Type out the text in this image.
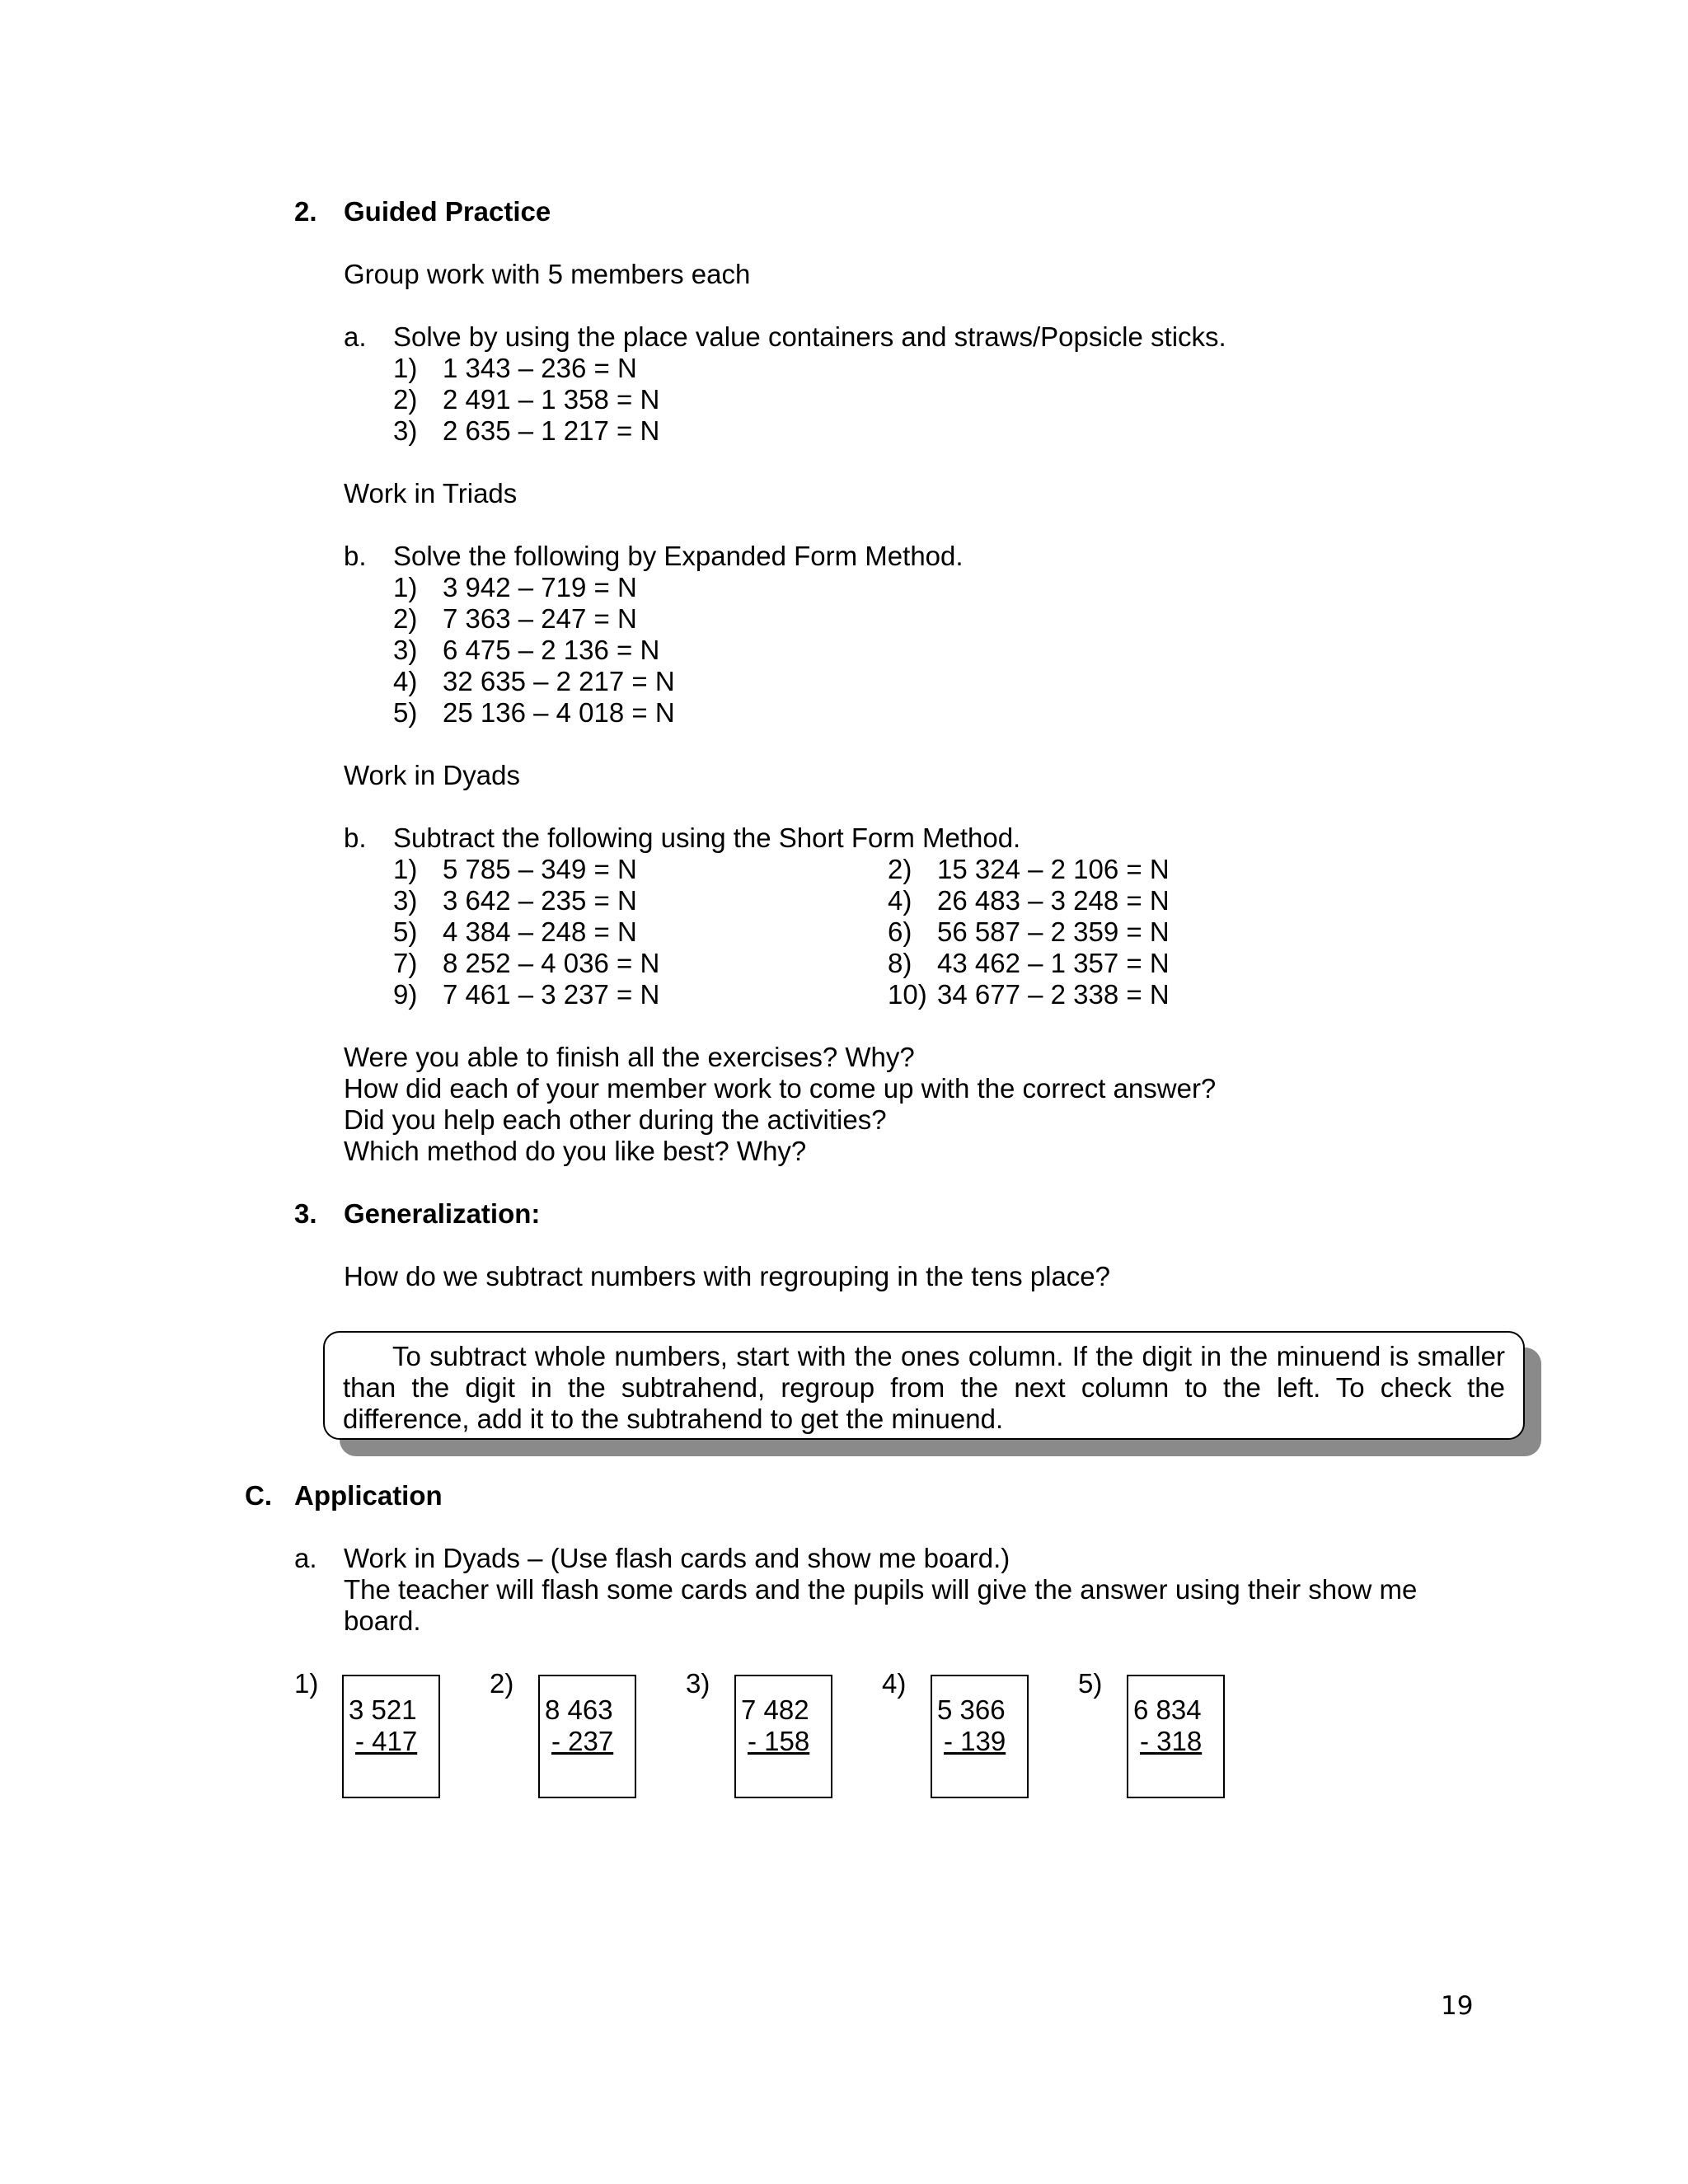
2. Guided Practice
Group work with 5 members each
a. Solve by using the place value containers and straws/Popsicle sticks.
1) 1 343 – 236 = N
2) 2 491 – 1 358 = N
3) 2 635 – 1 217 = N
Work in Triads
b. Solve the following by Expanded Form Method.
1) 3 942 – 719 = N
2) 7 363 – 247 = N
3) 6 475 – 2 136 = N
4) 32 635 – 2 217 = N
5) 25 136 – 4 018 = N
Work in Dyads
b. Subtract the following using the Short Form Method.
1) 5 785 – 349 = N	2) 15 324 – 2 106 = N
3) 3 642 – 235 = N	4) 26 483 – 3 248 = N
5) 4 384 – 248 = N	6) 56 587 – 2 359 = N
7) 8 252 – 4 036 = N	8) 43 462 – 1 357 = N
9) 7 461 – 3 237 = N	10) 34 677 – 2 338 = N
Were you able to finish all the exercises? Why?
How did each of your member work to come up with the correct answer?
Did you help each other during the activities?
Which method do you like best? Why?
3. Generalization:
How do we subtract numbers with regrouping in the tens place?

To subtract whole numbers, start with the ones column. If the digit in the minuend is smaller than the digit in the subtrahend, regroup from the next column to the left. To check the difference, add it to the subtrahend to get the minuend.

C. Application
a. Work in Dyads – (Use flash cards and show me board.)
The teacher will flash some cards and the pupils will give the answer using their show me
board.
1)
3 521
- 417
2)
8 463
- 237
3)
7 482
- 158
4)
5 366
- 139
5)
6 834
- 318
19
